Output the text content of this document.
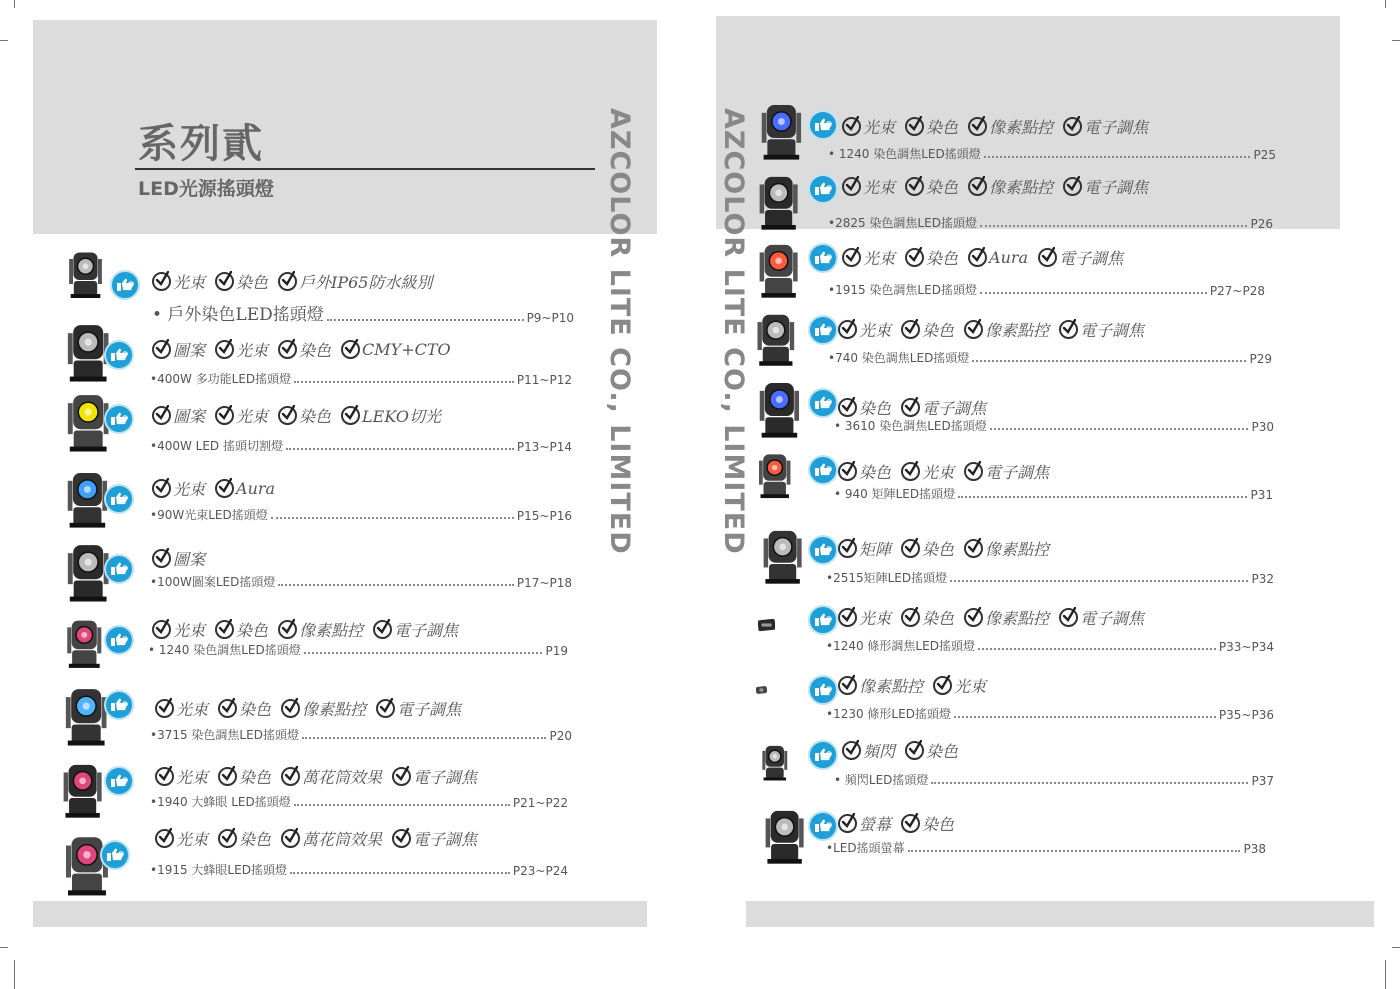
系列貳
LED光源搖頭燈	AZCOLOR LITE CO., LIMITED	AZCOLOR LITE CO., LIMITED
光束 染色 戶外IP65防水級別
• 戶外染色LED搖頭燈	P9~P10
圖案 光束 染色 CMY+CTO
•400W 多功能LED搖頭燈	P11~P12
圖案 光束 染色 LEKO切光
•400W LED 搖頭切割燈	P13~P14
光束 Aura
•90W光束LED搖頭燈	P15~P16
圖案
•100W圖案LED搖頭燈	P17~P18
光束 染色 像素點控 電子調焦
• 1240 染色調焦LED搖頭燈	P19
光束 染色 像素點控 電子調焦
•3715 染色調焦LED搖頭燈	P20
光束 染色 萬花筒效果 電子調焦
•1940 大蜂眼 LED搖頭燈	P21~P22
光束 染色 萬花筒效果 電子調焦
•1915 大蜂眼LED搖頭燈	P23~P24
光束 染色 像素點控 電子調焦
• 1240 染色調焦LED搖頭燈	P25
光束 染色 像素點控 電子調焦
•2825 染色調焦LED搖頭燈	P26
光束 染色 Aura 電子調焦
•1915 染色調焦LED搖頭燈	P27~P28
光束 染色 像素點控 電子調焦
•740 染色調焦LED搖頭燈	P29
染色 電子調焦
• 3610 染色調焦LED搖頭燈	P30
染色 光束 電子調焦
• 940 矩陣LED搖頭燈	P31
矩陣 染色 像素點控
•2515矩陣LED搖頭燈	P32
光束 染色 像素點控 電子調焦
•1240 條形調焦LED搖頭燈	P33~P34
像素點控 光束
•1230 條形LED搖頭燈	P35~P36
頻閃 染色
• 頻閃LED搖頭燈	P37
螢幕 染色
•LED搖頭螢幕	P38
